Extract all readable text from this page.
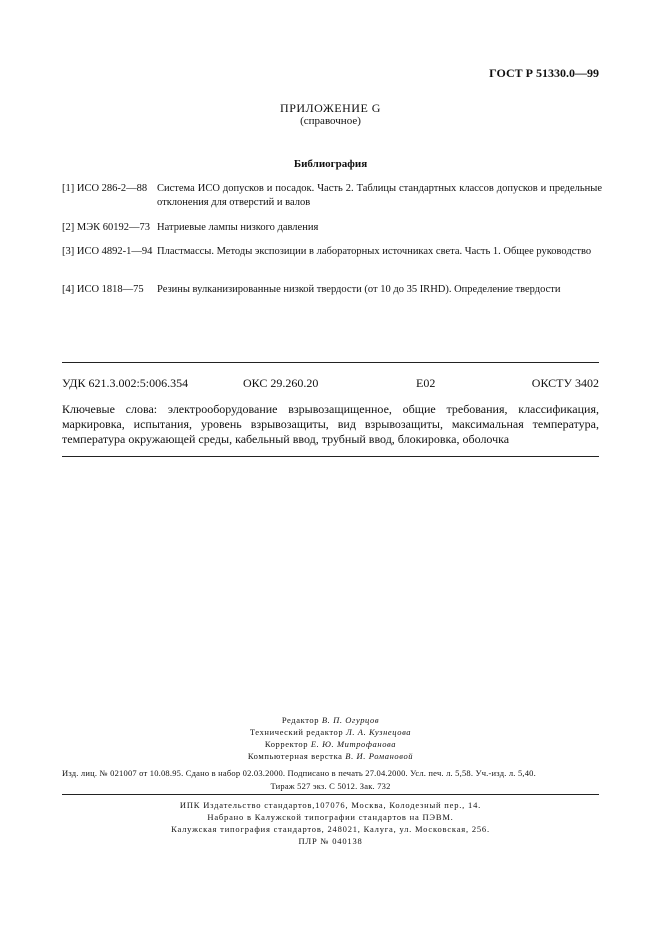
ГОСТ Р 51330.0—99
ПРИЛОЖЕНИЕ G
(справочное)
Библиография
[1] ИСО 286-2—88 Система ИСО допусков и посадок. Часть 2. Таблицы стандартных классов допусков и предельные отклонения для отверстий и валов
[2] МЭК 60192—73 Натриевые лампы низкого давления
[3] ИСО 4892-1—94 Пластмассы. Методы экспозиции в лабораторных источниках света. Часть 1. Общее руководство
[4] ИСО 1818—75 Резины вулканизированные низкой твердости (от 10 до 35 IRHD). Определение твердости
УДК 621.3.002:5:006.354	ОКС 29.260.20	Е02	ОКСТУ 3402
Ключевые слова: электрооборудование взрывозащищенное, общие требования, классификация, маркировка, испытания, уровень взрывозащиты, вид взрывозащиты, максимальная температура, температура окружающей среды, кабельный ввод, трубный ввод, блокировка, оболочка
Редактор В. П. Огурцов
Технический редактор Л. А. Кузнецова
Корректор Е. Ю. Митрофанова
Компьютерная верстка В. И. Романовой
Изд. лиц. № 021007 от 10.08.95. Сдано в набор 02.03.2000. Подписано в печать 27.04.2000. Усл. печ. л. 5,58. Уч.-изд. л. 5,40.
Тираж 527 экз. С 5012. Зак. 732
ИПК Издательство стандартов,107076, Москва, Колодезный пер., 14.
Набрано в Калужской типографии стандартов на ПЭВМ.
Калужская типография стандартов, 248021, Калуга, ул. Московская, 256.
ПЛР № 040138
